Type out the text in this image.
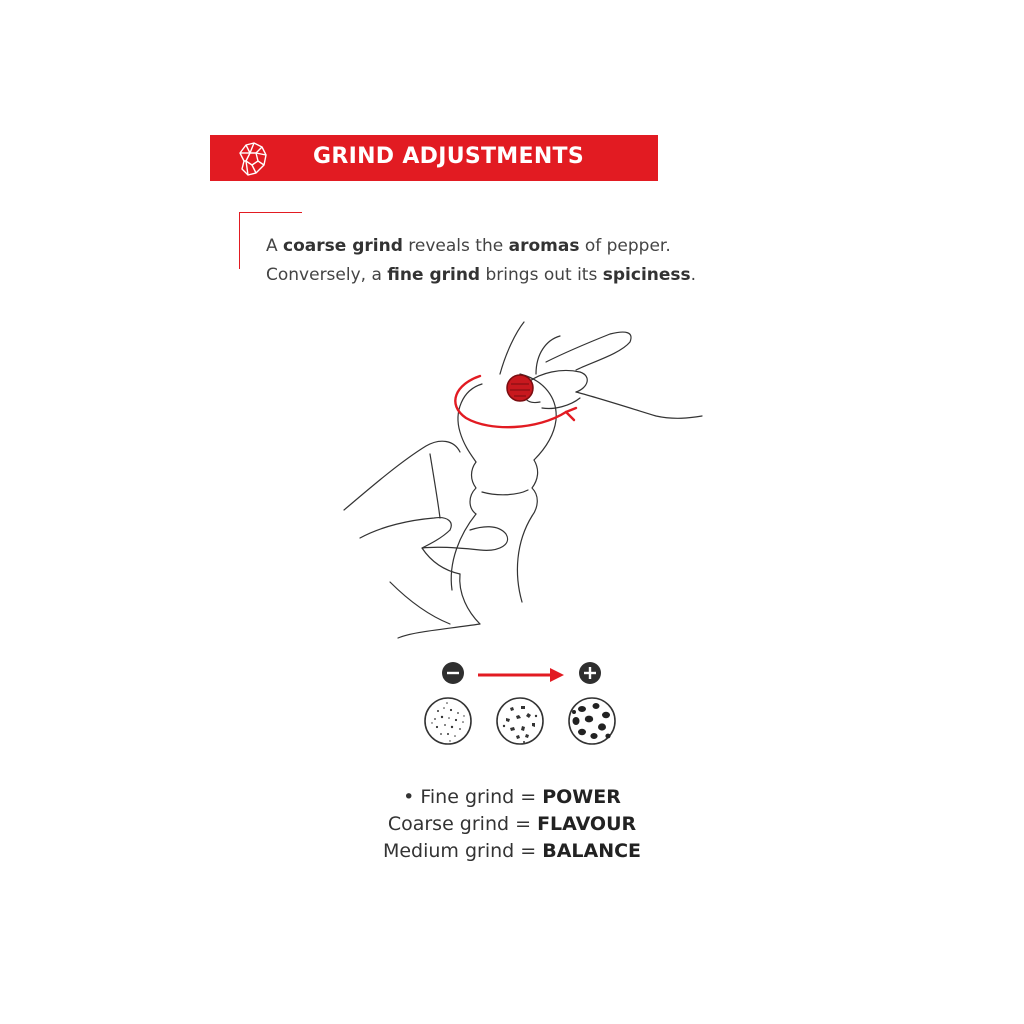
GRIND ADJUSTMENTS
A coarse grind reveals the aromas of pepper.
Conversely, a fine grind brings out its spiciness.
• Fine grind = POWER
Coarse grind = FLAVOUR
Medium grind = BALANCE
